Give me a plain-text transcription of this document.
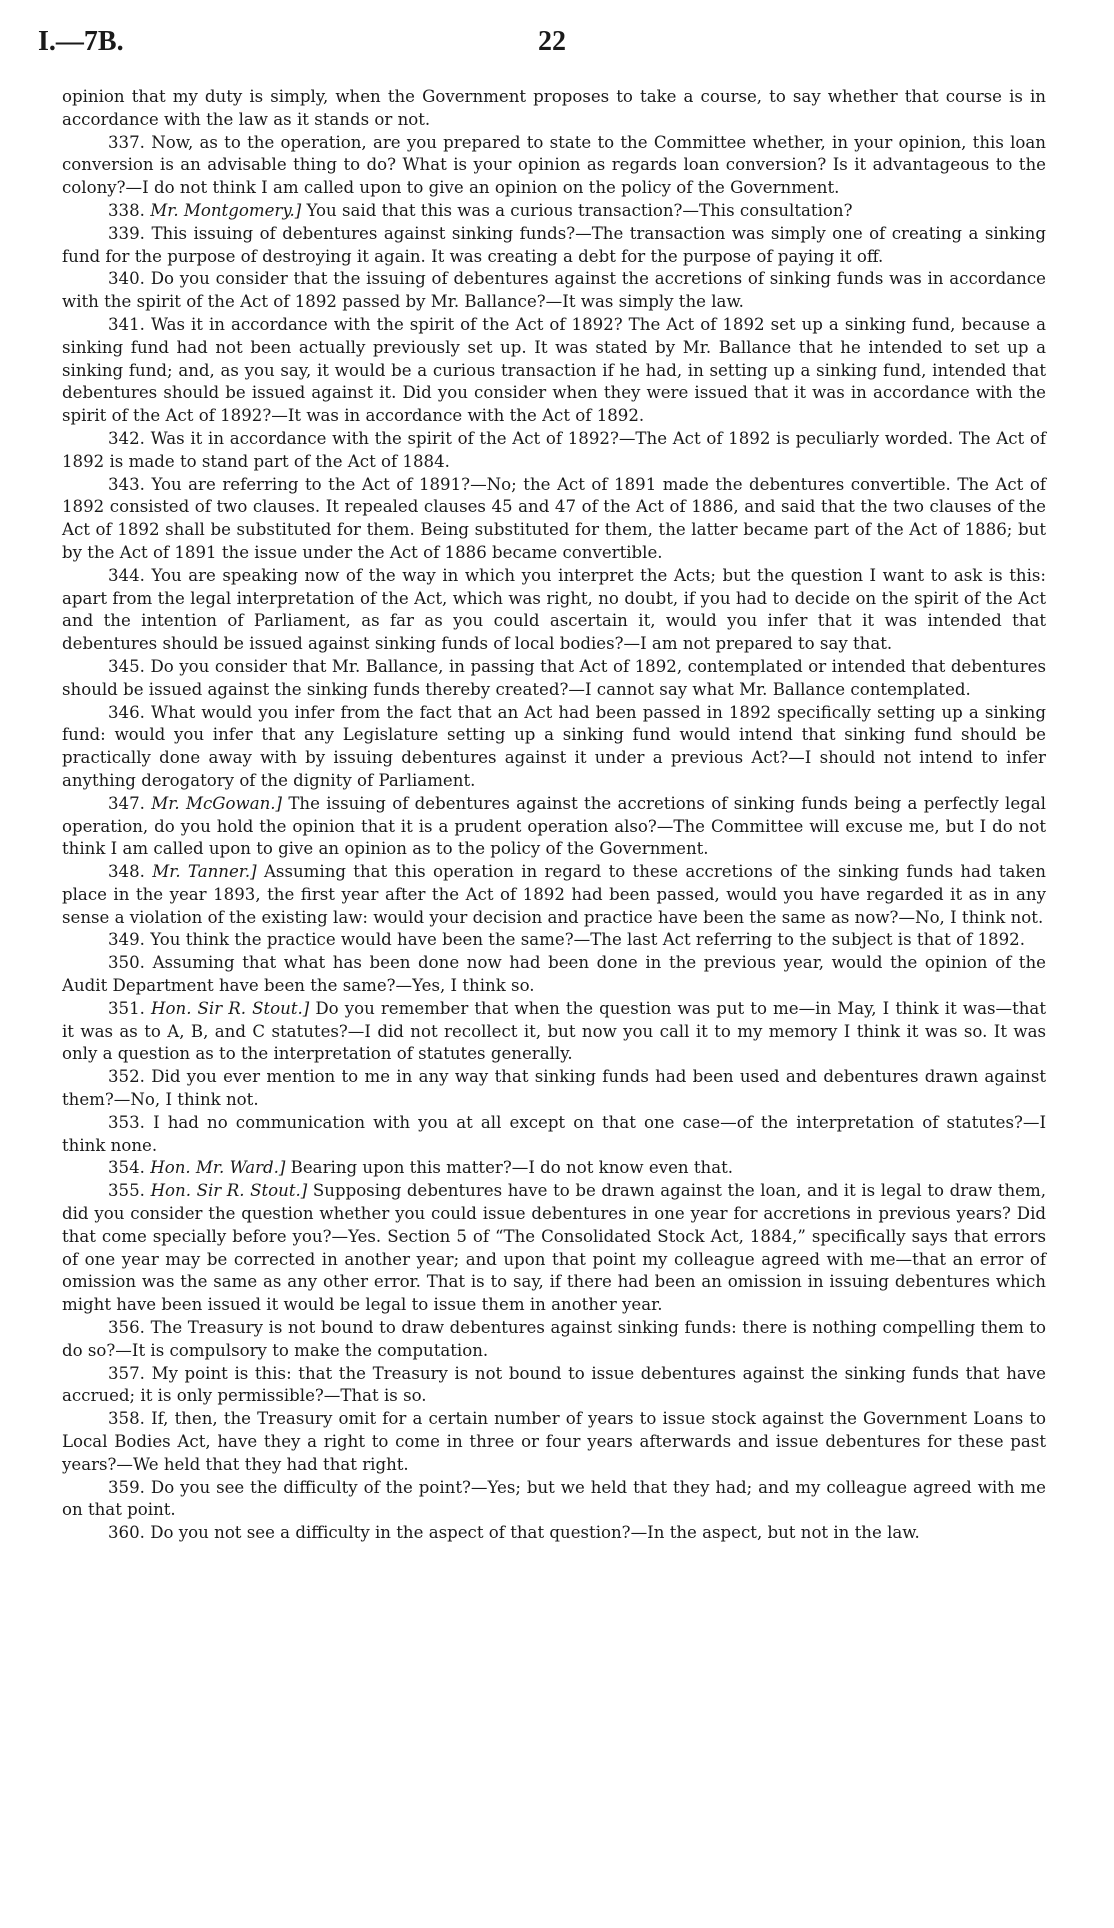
I.—7B.	22

opinion that my duty is simply, when the Government proposes to take a course, to say whether that course is in accordance with the law as it stands or not.

337. Now, as to the operation, are you prepared to state to the Committee whether, in your opinion, this loan conversion is an advisable thing to do? What is your opinion as regards loan conversion? Is it advantageous to the colony?—I do not think I am called upon to give an opinion on the policy of the Government.

338. Mr. Montgomery.] You said that this was a curious transaction?—This consultation?

339. This issuing of debentures against sinking funds?—The transaction was simply one of creating a sinking fund for the purpose of destroying it again. It was creating a debt for the purpose of paying it off.

340. Do you consider that the issuing of debentures against the accretions of sinking funds was in accordance with the spirit of the Act of 1892 passed by Mr. Ballance?—It was simply the law.

341. Was it in accordance with the spirit of the Act of 1892? The Act of 1892 set up a sinking fund, because a sinking fund had not been actually previously set up. It was stated by Mr. Ballance that he intended to set up a sinking fund; and, as you say, it would be a curious transaction if he had, in setting up a sinking fund, intended that debentures should be issued against it. Did you consider when they were issued that it was in accordance with the spirit of the Act of 1892?—It was in accordance with the Act of 1892.

342. Was it in accordance with the spirit of the Act of 1892?—The Act of 1892 is peculiarly worded. The Act of 1892 is made to stand part of the Act of 1884.

343. You are referring to the Act of 1891?—No; the Act of 1891 made the debentures convertible. The Act of 1892 consisted of two clauses. It repealed clauses 45 and 47 of the Act of 1886, and said that the two clauses of the Act of 1892 shall be substituted for them. Being substituted for them, the latter became part of the Act of 1886; but by the Act of 1891 the issue under the Act of 1886 became convertible.

344. You are speaking now of the way in which you interpret the Acts; but the question I want to ask is this: apart from the legal interpretation of the Act, which was right, no doubt, if you had to decide on the spirit of the Act and the intention of Parliament, as far as you could ascertain it, would you infer that it was intended that debentures should be issued against sinking funds of local bodies?—I am not prepared to say that.

345. Do you consider that Mr. Ballance, in passing that Act of 1892, contemplated or intended that debentures should be issued against the sinking funds thereby created?—I cannot say what Mr. Ballance contemplated.

346. What would you infer from the fact that an Act had been passed in 1892 specifically setting up a sinking fund: would you infer that any Legislature setting up a sinking fund would intend that sinking fund should be practically done away with by issuing debentures against it under a previous Act?—I should not intend to infer anything derogatory of the dignity of Parliament.

347. Mr. McGowan.] The issuing of debentures against the accretions of sinking funds being a perfectly legal operation, do you hold the opinion that it is a prudent operation also?—The Committee will excuse me, but I do not think I am called upon to give an opinion as to the policy of the Government.

348. Mr. Tanner.] Assuming that this operation in regard to these accretions of the sinking funds had taken place in the year 1893, the first year after the Act of 1892 had been passed, would you have regarded it as in any sense a violation of the existing law: would your decision and practice have been the same as now?—No, I think not.

349. You think the practice would have been the same?—The last Act referring to the subject is that of 1892.

350. Assuming that what has been done now had been done in the previous year, would the opinion of the Audit Department have been the same?—Yes, I think so.

351. Hon. Sir R. Stout.] Do you remember that when the question was put to me—in May, I think it was—that it was as to A, B, and C statutes?—I did not recollect it, but now you call it to my memory I think it was so. It was only a question as to the interpretation of statutes generally.

352. Did you ever mention to me in any way that sinking funds had been used and debentures drawn against them?—No, I think not.

353. I had no communication with you at all except on that one case—of the interpretation of statutes?—I think none.

354. Hon. Mr. Ward.] Bearing upon this matter?—I do not know even that.

355. Hon. Sir R. Stout.] Supposing debentures have to be drawn against the loan, and it is legal to draw them, did you consider the question whether you could issue debentures in one year for accretions in previous years? Did that come specially before you?—Yes. Section 5 of “The Consolidated Stock Act, 1884,” specifically says that errors of one year may be corrected in another year; and upon that point my colleague agreed with me—that an error of omission was the same as any other error. That is to say, if there had been an omission in issuing debentures which might have been issued it would be legal to issue them in another year.

356. The Treasury is not bound to draw debentures against sinking funds: there is nothing compelling them to do so?—It is compulsory to make the computation.

357. My point is this: that the Treasury is not bound to issue debentures against the sinking funds that have accrued; it is only permissible?—That is so.

358. If, then, the Treasury omit for a certain number of years to issue stock against the Government Loans to Local Bodies Act, have they a right to come in three or four years afterwards and issue debentures for these past years?—We held that they had that right.

359. Do you see the difficulty of the point?—Yes; but we held that they had; and my colleague agreed with me on that point.

360. Do you not see a difficulty in the aspect of that question?—In the aspect, but not in the law.
